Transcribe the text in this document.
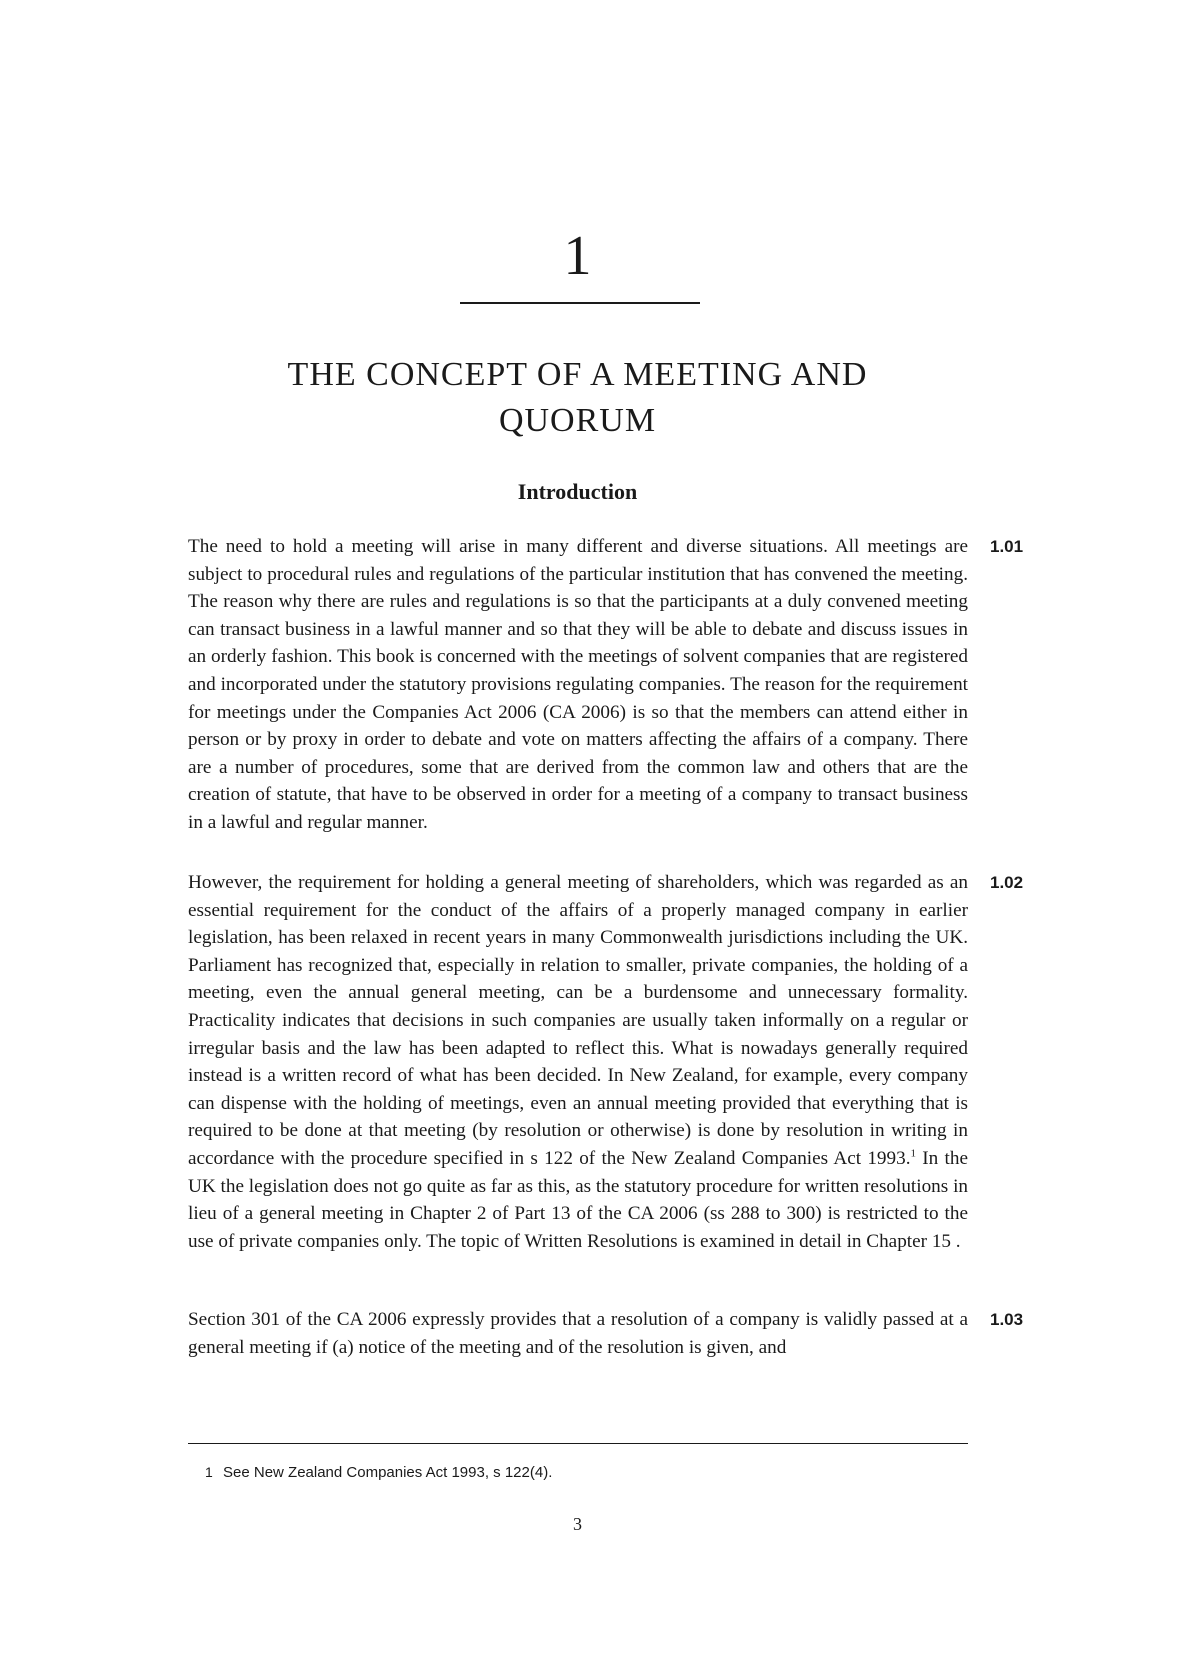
1
THE CONCEPT OF A MEETING AND
QUORUM
Introduction

The need to hold a meeting will arise in many different and diverse situations. All meetings are subject to procedural rules and regulations of the particular institution that has convened the meeting. The reason why there are rules and regulations is so that the participants at a duly convened meeting can transact business in a lawful manner and so that they will be able to debate and discuss issues in an orderly fashion. This book is concerned with the meetings of solvent companies that are registered and incorporated under the statutory provisions regulating companies. The reason for the requirement for meetings under the Companies Act 2006 (CA 2006) is so that the members can attend either in person or by proxy in order to debate and vote on matters affecting the affairs of a company. There are a number of procedures, some that are derived from the common law and others that are the creation of statute, that have to be observed in order for a meeting of a company to transact business in a lawful and regular manner.

1.01

However, the requirement for holding a general meeting of shareholders, which was regarded as an essential requirement for the conduct of the affairs of a properly managed company in earlier legislation, has been relaxed in recent years in many Commonwealth jurisdictions including the UK. Parliament has recognized that, especially in relation to smaller, private companies, the holding of a meeting, even the annual general meeting, can be a burdensome and unnecessary formality. Practicality indicates that decisions in such companies are usually taken informally on a regular or irregular basis and the law has been adapted to reflect this. What is nowadays generally required instead is a written record of what has been decided. In New Zealand, for example, every company can dispense with the holding of meetings, even an annual meeting provided that everything that is required to be done at that meeting (by resolution or otherwise) is done by resolution in writing in accordance with the procedure specified in s 122 of the New Zealand Companies Act 1993.$^1$ In the UK the legislation does not go quite as far as this, as the statutory procedure for written resolutions in lieu of a general meeting in Chapter 2 of Part 13 of the CA 2006 (ss 288 to 300) is restricted to the use of private companies only. The topic of Written Resolutions is examined in detail in Chapter 15 .

1.02

Section 301 of the CA 2006 expressly provides that a resolution of a company is validly passed at a general meeting if (a) notice of the meeting and of the resolution is given, and

1.03
1 See New Zealand Companies Act 1993, s 122(4).
3
